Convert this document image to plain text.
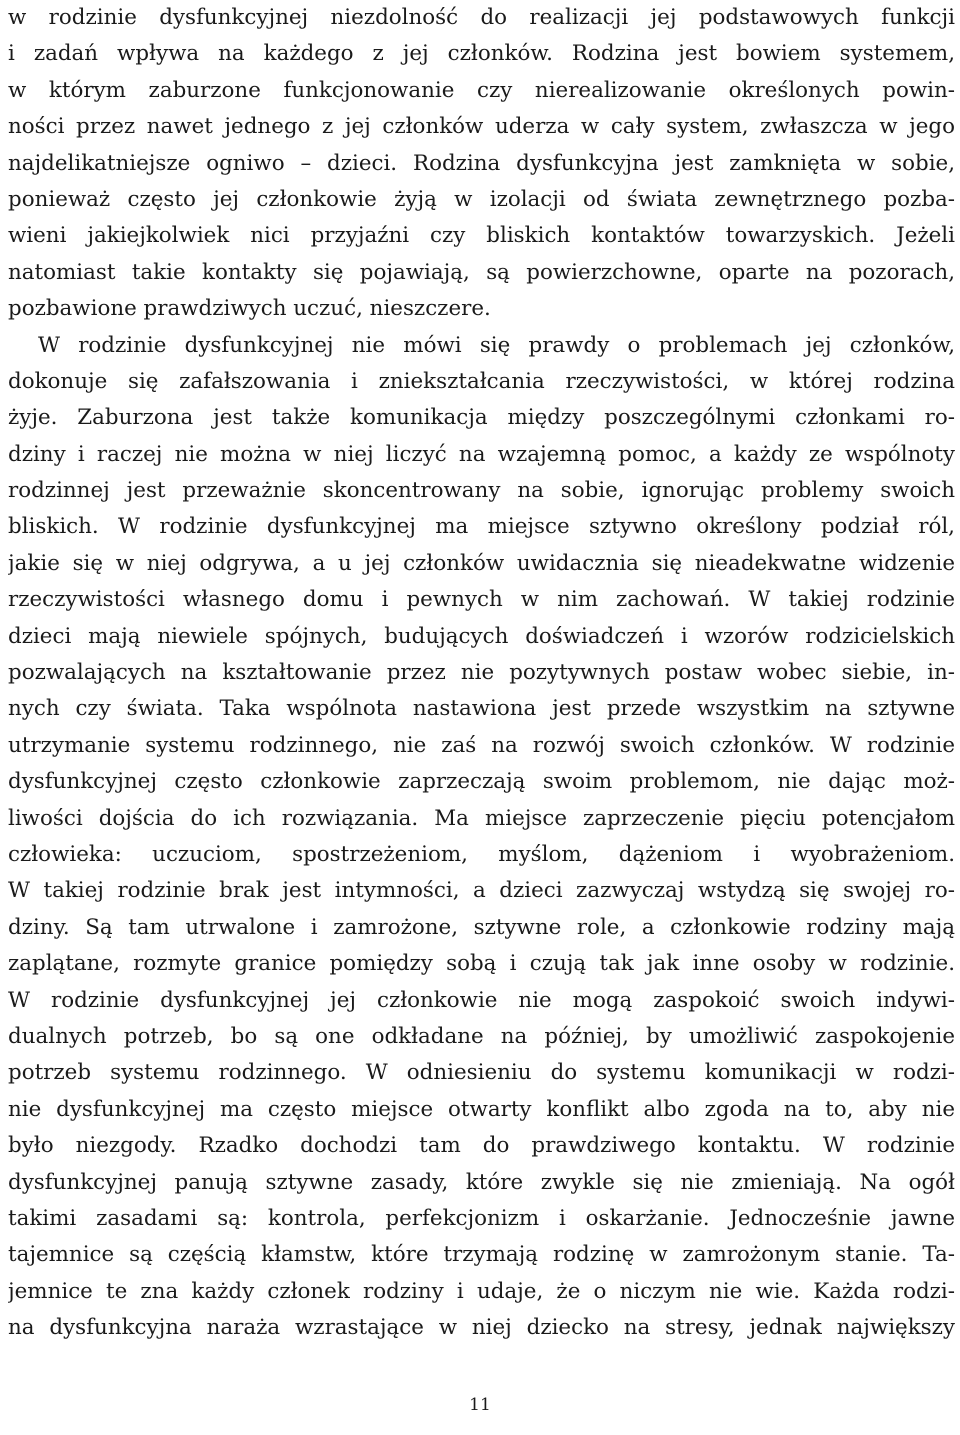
w rodzinie dysfunkcyjnej niezdolność do realizacji jej podstawowych funkcji
i zadań wpływa na każdego z jej członków. Rodzina jest bowiem systemem,
w którym zaburzone funkcjonowanie czy nierealizowanie określonych powin-
ności przez nawet jednego z jej członków uderza w cały system, zwłaszcza w jego
najdelikatniejsze ogniwo – dzieci. Rodzina dysfunkcyjna jest zamknięta w sobie,
ponieważ często jej członkowie żyją w izolacji od świata zewnętrznego pozba-
wieni jakiejkolwiek nici przyjaźni czy bliskich kontaktów towarzyskich. Jeżeli
natomiast takie kontakty się pojawiają, są powierzchowne, oparte na pozorach,
pozbawione prawdziwych uczuć, nieszczere.
W rodzinie dysfunkcyjnej nie mówi się prawdy o problemach jej członków,
dokonuje się zafałszowania i zniekształcania rzeczywistości, w której rodzina
żyje. Zaburzona jest także komunikacja między poszczególnymi członkami ro-
dziny i raczej nie można w niej liczyć na wzajemną pomoc, a każdy ze wspólnoty
rodzinnej jest przeważnie skoncentrowany na sobie, ignorując problemy swoich
bliskich. W rodzinie dysfunkcyjnej ma miejsce sztywno określony podział ról,
jakie się w niej odgrywa, a u jej członków uwidacznia się nieadekwatne widzenie
rzeczywistości własnego domu i pewnych w nim zachowań. W takiej rodzinie
dzieci mają niewiele spójnych, budujących doświadczeń i wzorów rodzicielskich
pozwalających na kształtowanie przez nie pozytywnych postaw wobec siebie, in-
nych czy świata. Taka wspólnota nastawiona jest przede wszystkim na sztywne
utrzymanie systemu rodzinnego, nie zaś na rozwój swoich członków. W rodzinie
dysfunkcyjnej często członkowie zaprzeczają swoim problemom, nie dając moż-
liwości dojścia do ich rozwiązania. Ma miejsce zaprzeczenie pięciu potencjałom
człowieka: uczuciom, spostrzeżeniom, myślom, dążeniom i wyobrażeniom.
W takiej rodzinie brak jest intymności, a dzieci zazwyczaj wstydzą się swojej ro-
dziny. Są tam utrwalone i zamrożone, sztywne role, a członkowie rodziny mają
zaplątane, rozmyte granice pomiędzy sobą i czują tak jak inne osoby w rodzinie.
W rodzinie dysfunkcyjnej jej członkowie nie mogą zaspokoić swoich indywi-
dualnych potrzeb, bo są one odkładane na później, by umożliwić zaspokojenie
potrzeb systemu rodzinnego. W odniesieniu do systemu komunikacji w rodzi-
nie dysfunkcyjnej ma często miejsce otwarty konflikt albo zgoda na to, aby nie
było niezgody. Rzadko dochodzi tam do prawdziwego kontaktu. W rodzinie
dysfunkcyjnej panują sztywne zasady, które zwykle się nie zmieniają. Na ogół
takimi zasadami są: kontrola, perfekcjonizm i oskarżanie. Jednocześnie jawne
tajemnice są częścią kłamstw, które trzymają rodzinę w zamrożonym stanie. Ta-
jemnice te zna każdy członek rodziny i udaje, że o niczym nie wie. Każda rodzi-
na dysfunkcyjna naraża wzrastające w niej dziecko na stresy, jednak największy
11
